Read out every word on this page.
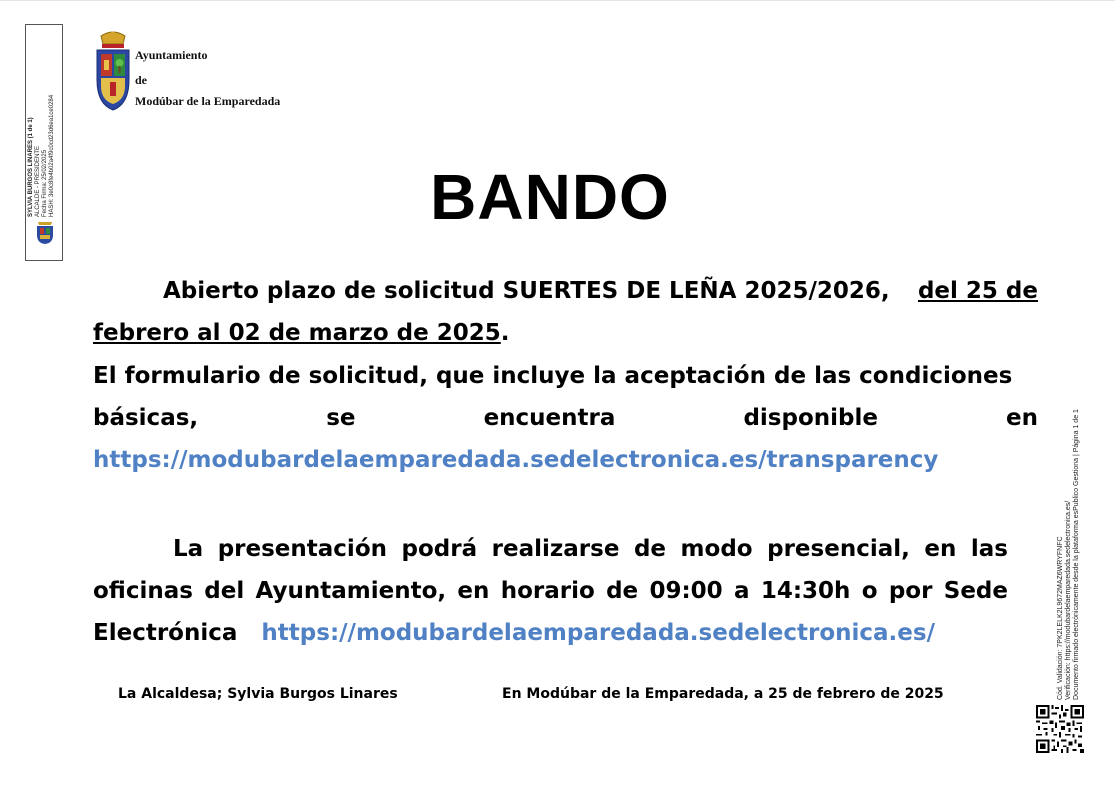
SYLVIA BURGOS LINARES (1 de 1) ALCALDE - PRESIDENTE Fecha Firma: 25/02/2025 HASH: 3e0c8fe4b02a4f9c0cd23d6ea1ce0284
Ayuntamiento
de
Modúbar de la Emparedada
BANDO
Abierto plazo de solicitud SUERTES DE LEÑA 2025/2026, del 25 de
febrero al 02 de marzo de 2025.
El formulario de solicitud, que incluye la aceptación de las condiciones
básicas,	se	encuentra	disponible	en
https://modubardelaemparedada.sedelectronica.es/transparency
La presentación podrá realizarse de modo presencial, en las oficinas del Ayuntamiento, en horario de 09:00 a 14:30h o por Sede Electrónica https://modubardelaemparedada.sedelectronica.es/
La Alcaldesa; Sylvia Burgos Linares	En Modúbar de la Emparedada, a 25 de febrero de 2025	Cód. Validación: 7PK2LELK2L9672MAZ6WRYFNFC Verificación: https://modubardelaemparedada.sedelectronica.es/ Documento firmado electrónicamente desde la plataforma esPublico Gestiona | Página 1 de 1
